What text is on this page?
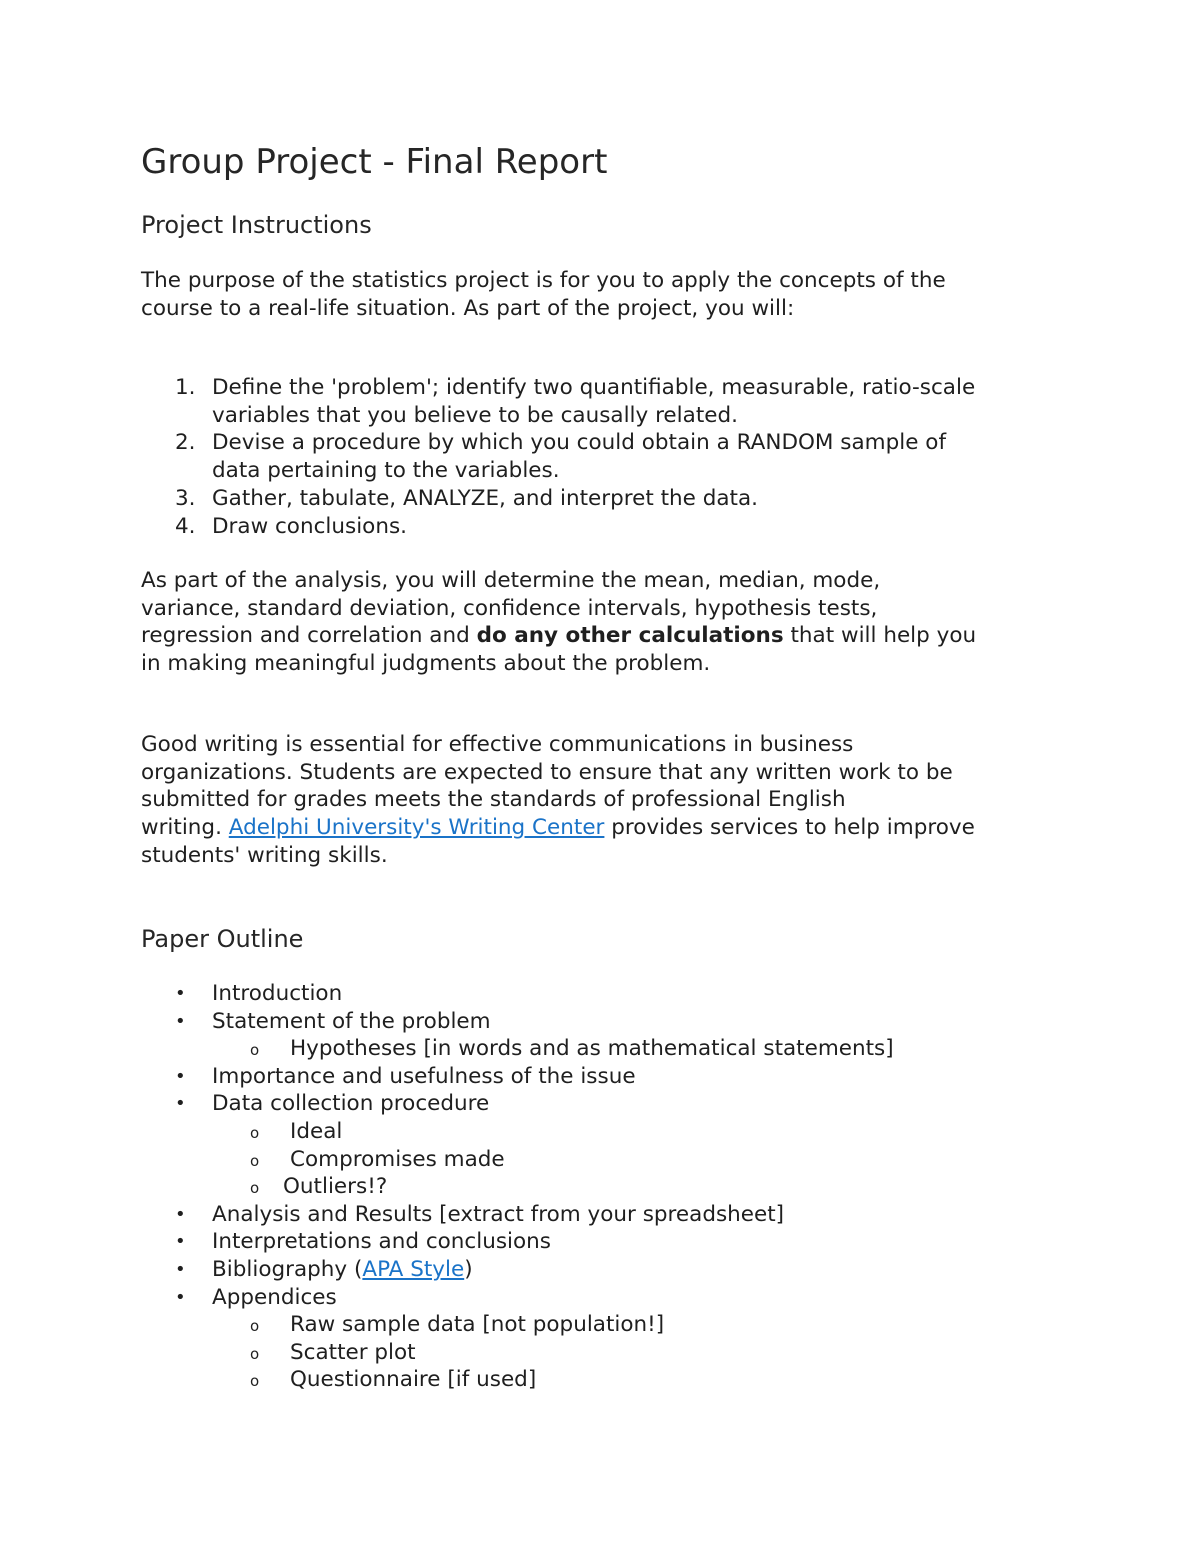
Group Project - Final Report
Project Instructions

The purpose of the statistics project is for you to apply the concepts of the
course to a real-life situation. As part of the project, you will:

1. Define the 'problem'; identify two quantifiable, measurable, ratio-scale
variables that you believe to be causally related.
2. Devise a procedure by which you could obtain a RANDOM sample of
data pertaining to the variables.
3. Gather, tabulate, ANALYZE, and interpret the data.
4. Draw conclusions.

As part of the analysis, you will determine the mean, median, mode,
variance, standard deviation, confidence intervals, hypothesis tests,
regression and correlation and do any other calculations that will help you
in making meaningful judgments about the problem.

Good writing is essential for effective communications in business
organizations. Students are expected to ensure that any written work to be
submitted for grades meets the standards of professional English
writing. Adelphi University's Writing Center provides services to help improve
students' writing skills.

Paper Outline
• Introduction
• Statement of the problem
o Hypotheses [in words and as mathematical statements]
• Importance and usefulness of the issue
• Data collection procedure
o Ideal
o Compromises made
o Outliers!?
• Analysis and Results [extract from your spreadsheet]
• Interpretations and conclusions
• Bibliography (APA Style)
• Appendices
o Raw sample data [not population!]
o Scatter plot
o Questionnaire [if used]
